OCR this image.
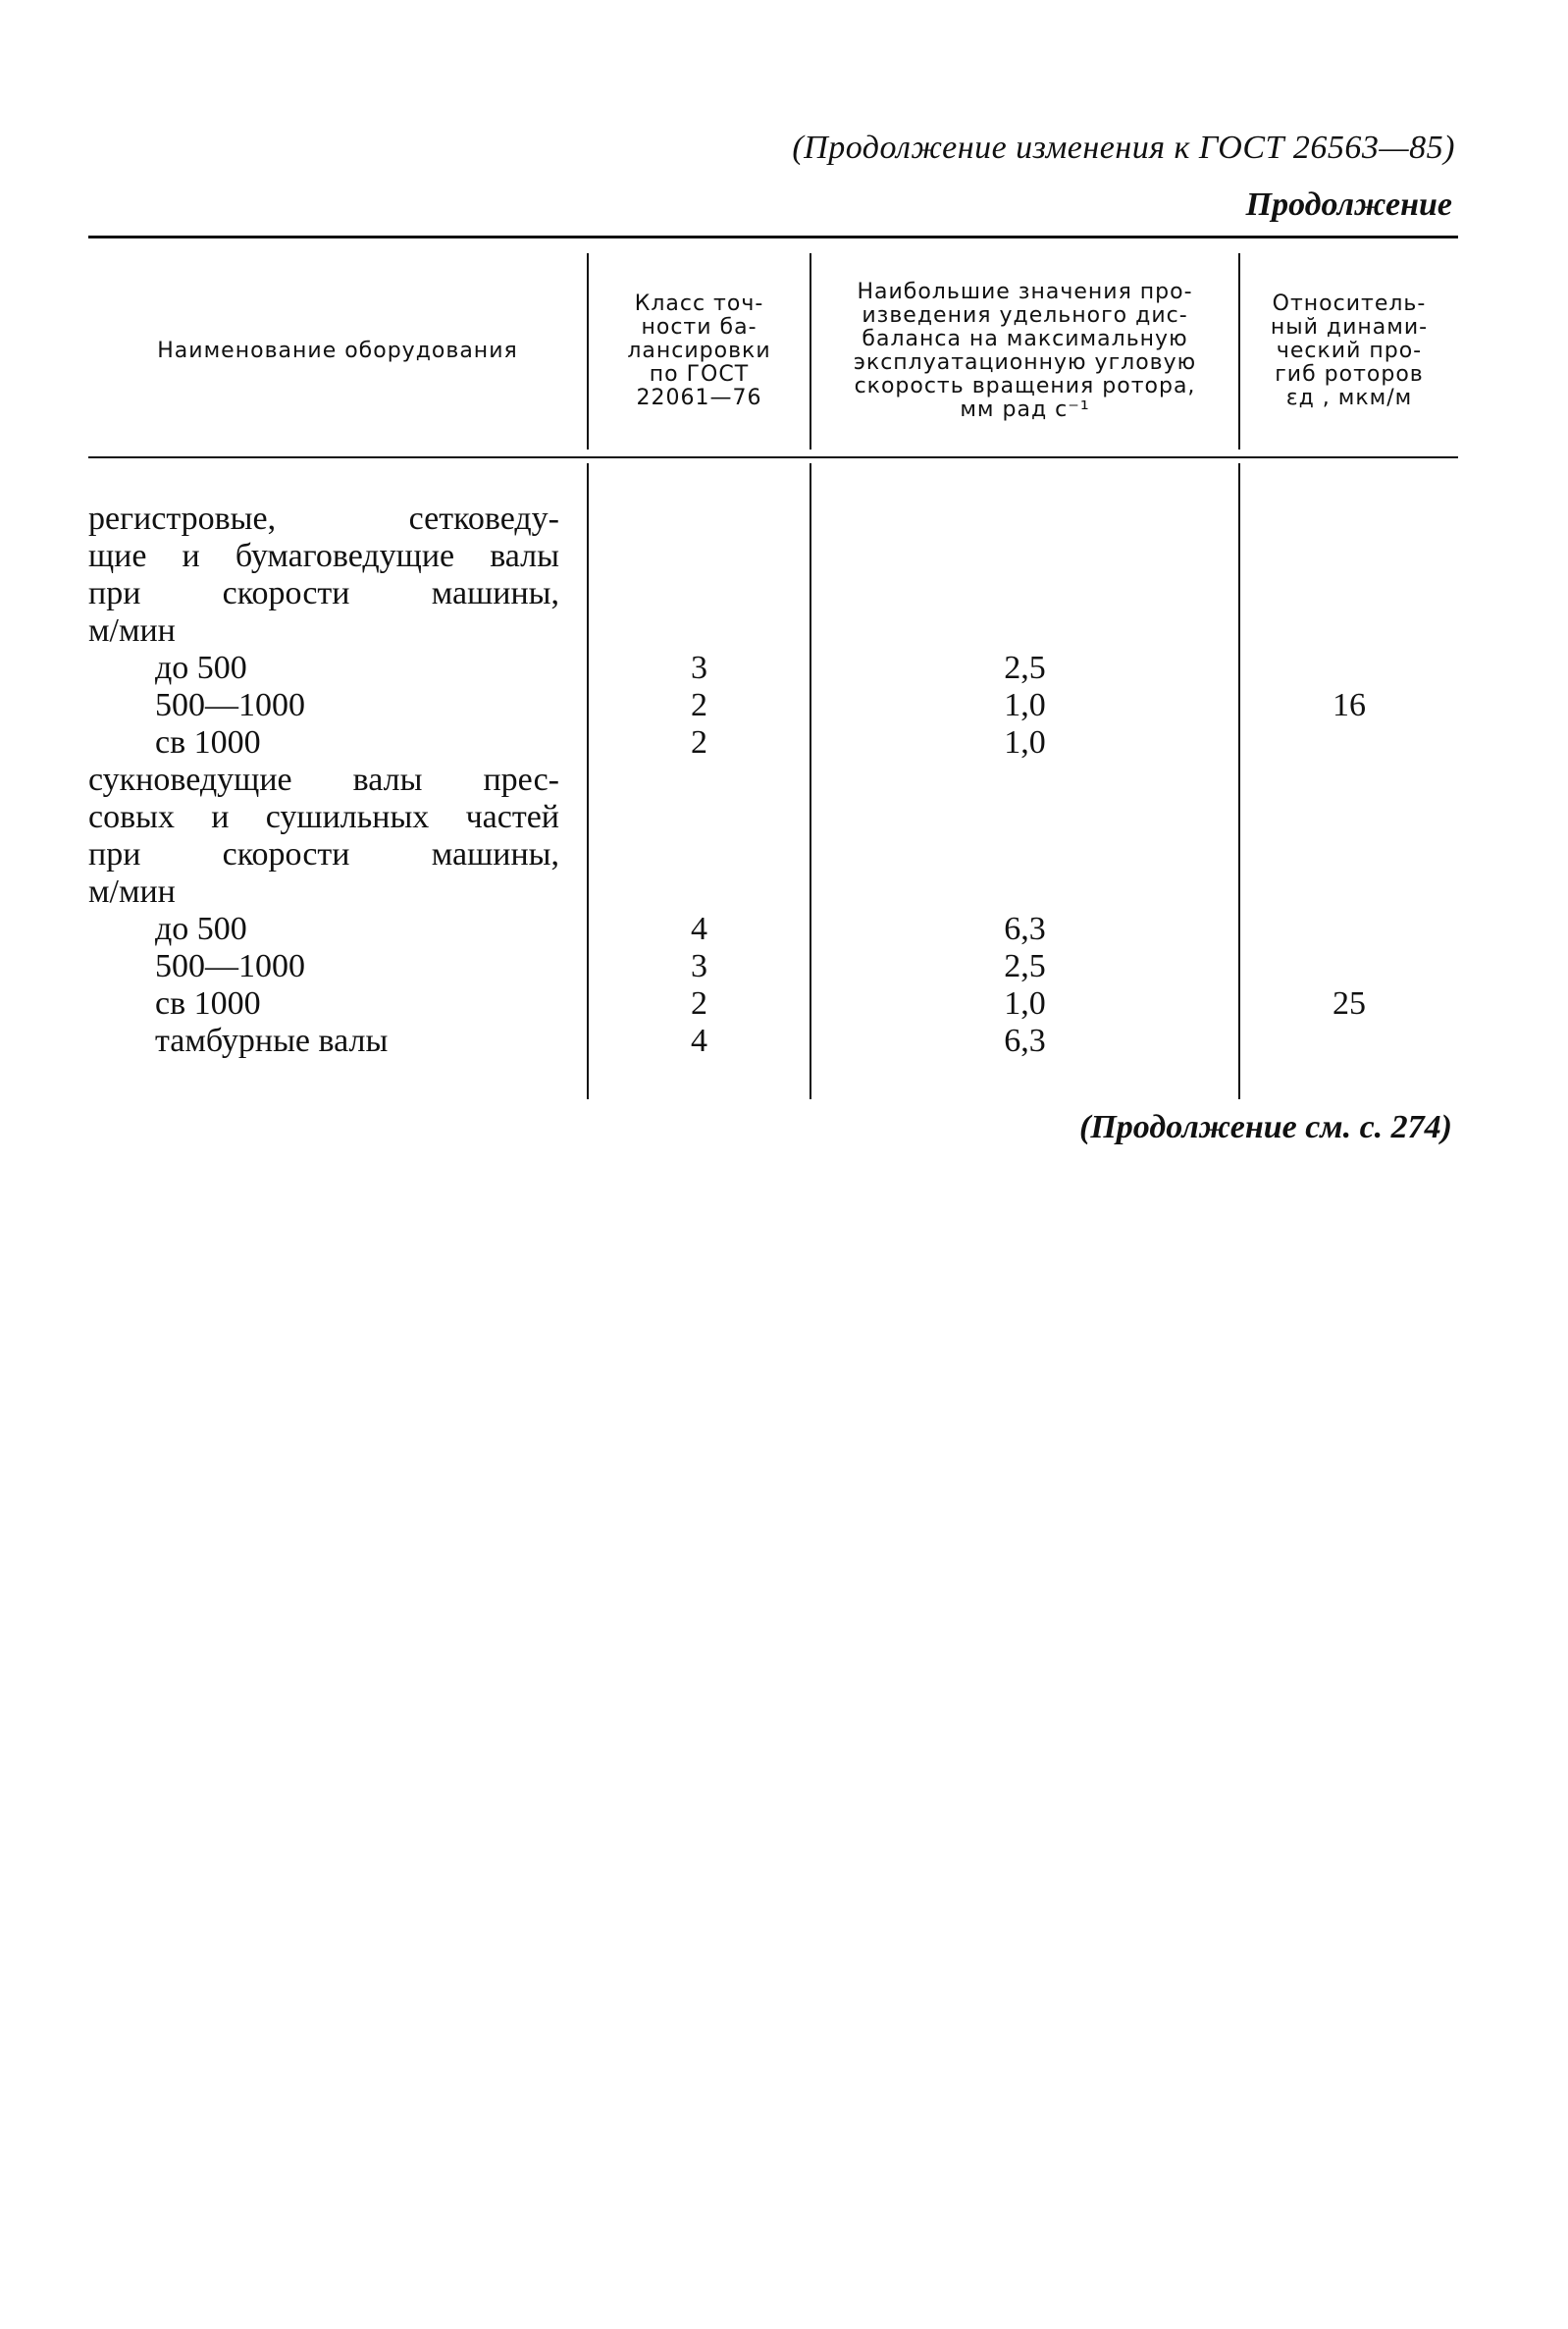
(Продолжение изменения к ГОСТ 26563—85)
Продолжение
Наименование оборудования
Класс точ-
ности ба-
лансировки
по ГОСТ
22061—76
Наибольшие значения про-
изведения удельного дис-
баланса на максимальную
эксплуатационную угловую
скорость вращения ротора,
мм рад с⁻¹
Относитель-
ный динами-
ческий про-
гиб роторов
εд , мкм/м
регистровые, сетковеду-
щие и бумаговедущие валы
при скорости машины,
м/мин
до 500
500—1000
св 1000
сукноведущие валы прес-
совых и сушильных частей
при скорости машины,
м/мин
до 500
500—1000
св 1000
тамбурные валы
3
2
2
4
3
2
4
2,5
1,0
1,0
6,3
2,5
1,0
6,3
16
25
(Продолжение см. с. 274)
